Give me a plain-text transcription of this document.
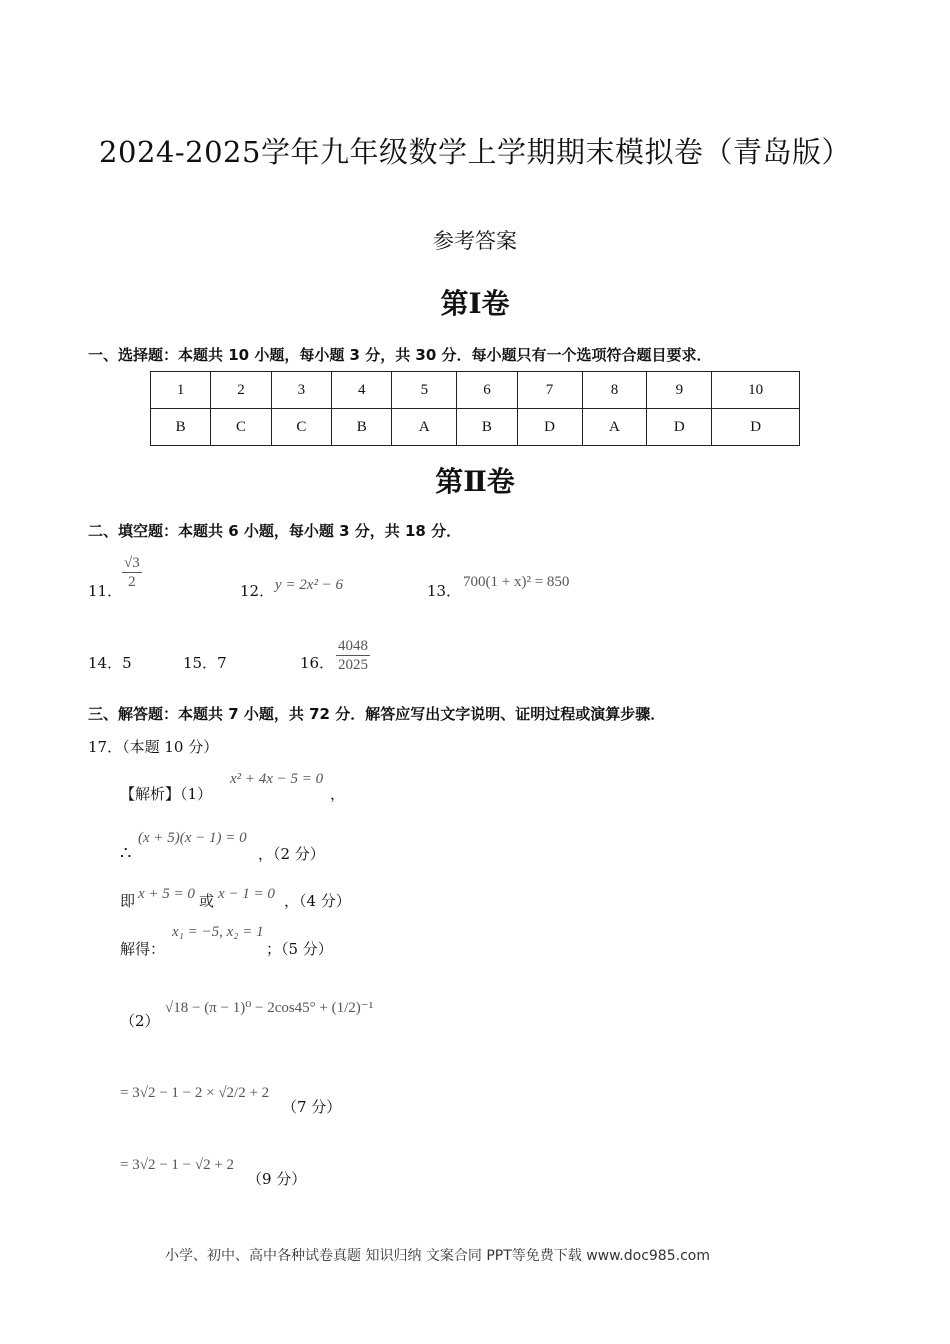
2024-2025学年九年级数学上学期期末模拟卷（青岛版）
参考答案
第Ⅰ卷
一、选择题：本题共 10 小题，每小题 3 分，共 30 分．每小题只有一个选项符合题目要求．
1	2	3	4	5	6	7	8	9	10
B	C	C	B	A	B	D	A	D	D
第Ⅱ卷
二、填空题：本题共 6 小题，每小题 3 分，共 18 分．
11． $\frac{√3}{2}$	12． y = 2x² − 6	13． 700(1 + x)² = 850
14．5	15．7	16． $\frac{4048}{2025}$
三、解答题：本题共 7 小题，共 72 分．解答应写出文字说明、证明过程或演算步骤．
17．（本题 10 分）
【解析】（1）
x² + 4x − 5 = 0
，
∴
(x + 5)(x − 1) = 0
，（2 分）
即 x + 5 = 0 或 x − 1 = 0 ，（4 分）
解得：
x₁ = −5, x₂ = 1
；（5 分）
（2）
√18 − (π − 1)⁰ − 2cos45° + (1/2)⁻¹
= 3√2 − 1 − 2 × √2/2 + 2
（7 分）
= 3√2 − 1 − √2 + 2
（9 分）
小学、初中、高中各种试卷真题 知识归纳 文案合同 PPT等免费下载 www.doc985.com
